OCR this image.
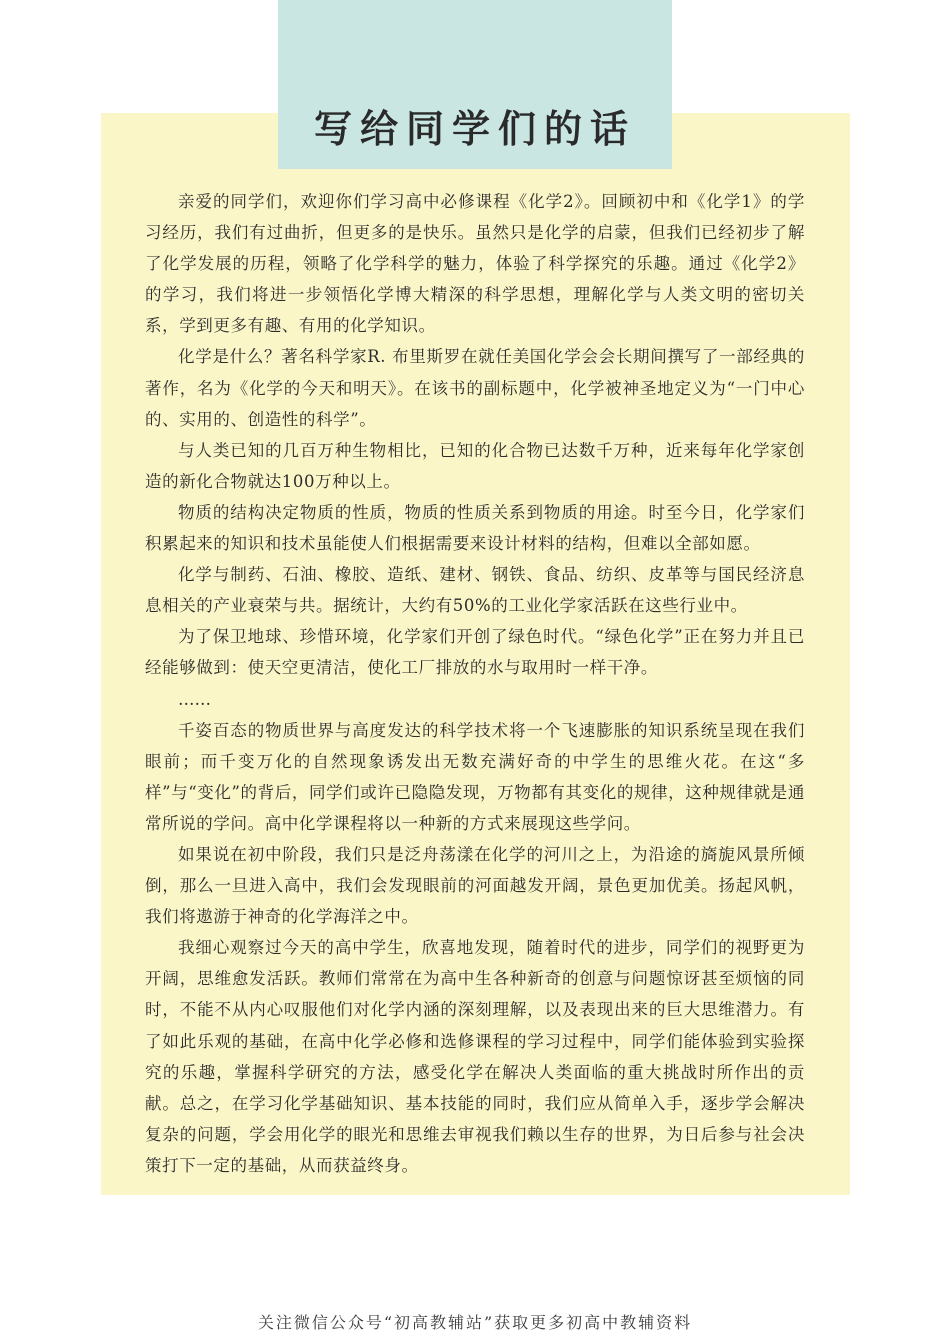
写给同学们的话

亲爱的同学们，欢迎你们学习高中必修课程《化学2》。回顾初中和《化学1》的学习经历，我们有过曲折，但更多的是快乐。虽然只是化学的启蒙，但我们已经初步了解了化学发展的历程，领略了化学科学的魅力，体验了科学探究的乐趣。通过《化学2》的学习，我们将进一步领悟化学博大精深的科学思想，理解化学与人类文明的密切关系，学到更多有趣、有用的化学知识。

化学是什么？著名科学家R. 布里斯罗在就任美国化学会会长期间撰写了一部经典的著作，名为《化学的今天和明天》。在该书的副标题中，化学被神圣地定义为“一门中心的、实用的、创造性的科学”。

与人类已知的几百万种生物相比，已知的化合物已达数千万种，近来每年化学家创造的新化合物就达100万种以上。

物质的结构决定物质的性质，物质的性质关系到物质的用途。时至今日，化学家们积累起来的知识和技术虽能使人们根据需要来设计材料的结构，但难以全部如愿。

化学与制药、石油、橡胶、造纸、建材、钢铁、食品、纺织、皮革等与国民经济息息相关的产业衰荣与共。据统计，大约有50%的工业化学家活跃在这些行业中。

为了保卫地球、珍惜环境，化学家们开创了绿色时代。“绿色化学”正在努力并且已经能够做到：使天空更清洁，使化工厂排放的水与取用时一样干净。

……

千姿百态的物质世界与高度发达的科学技术将一个飞速膨胀的知识系统呈现在我们眼前；而千变万化的自然现象诱发出无数充满好奇的中学生的思维火花。在这“多样”与“变化”的背后，同学们或许已隐隐发现，万物都有其变化的规律，这种规律就是通常所说的学问。高中化学课程将以一种新的方式来展现这些学问。

如果说在初中阶段，我们只是泛舟荡漾在化学的河川之上，为沿途的旖旎风景所倾倒，那么一旦进入高中，我们会发现眼前的河面越发开阔，景色更加优美。扬起风帆，我们将遨游于神奇的化学海洋之中。

我细心观察过今天的高中学生，欣喜地发现，随着时代的进步，同学们的视野更为开阔，思维愈发活跃。教师们常常在为高中生各种新奇的创意与问题惊讶甚至烦恼的同时，不能不从内心叹服他们对化学内涵的深刻理解，以及表现出来的巨大思维潜力。有了如此乐观的基础，在高中化学必修和选修课程的学习过程中，同学们能体验到实验探究的乐趣，掌握科学研究的方法，感受化学在解决人类面临的重大挑战时所作出的贡献。总之，在学习化学基础知识、基本技能的同时，我们应从简单入手，逐步学会解决复杂的问题，学会用化学的眼光和思维去审视我们赖以生存的世界，为日后参与社会决策打下一定的基础，从而获益终身。

关注微信公众号“初高教辅站”获取更多初高中教辅资料
